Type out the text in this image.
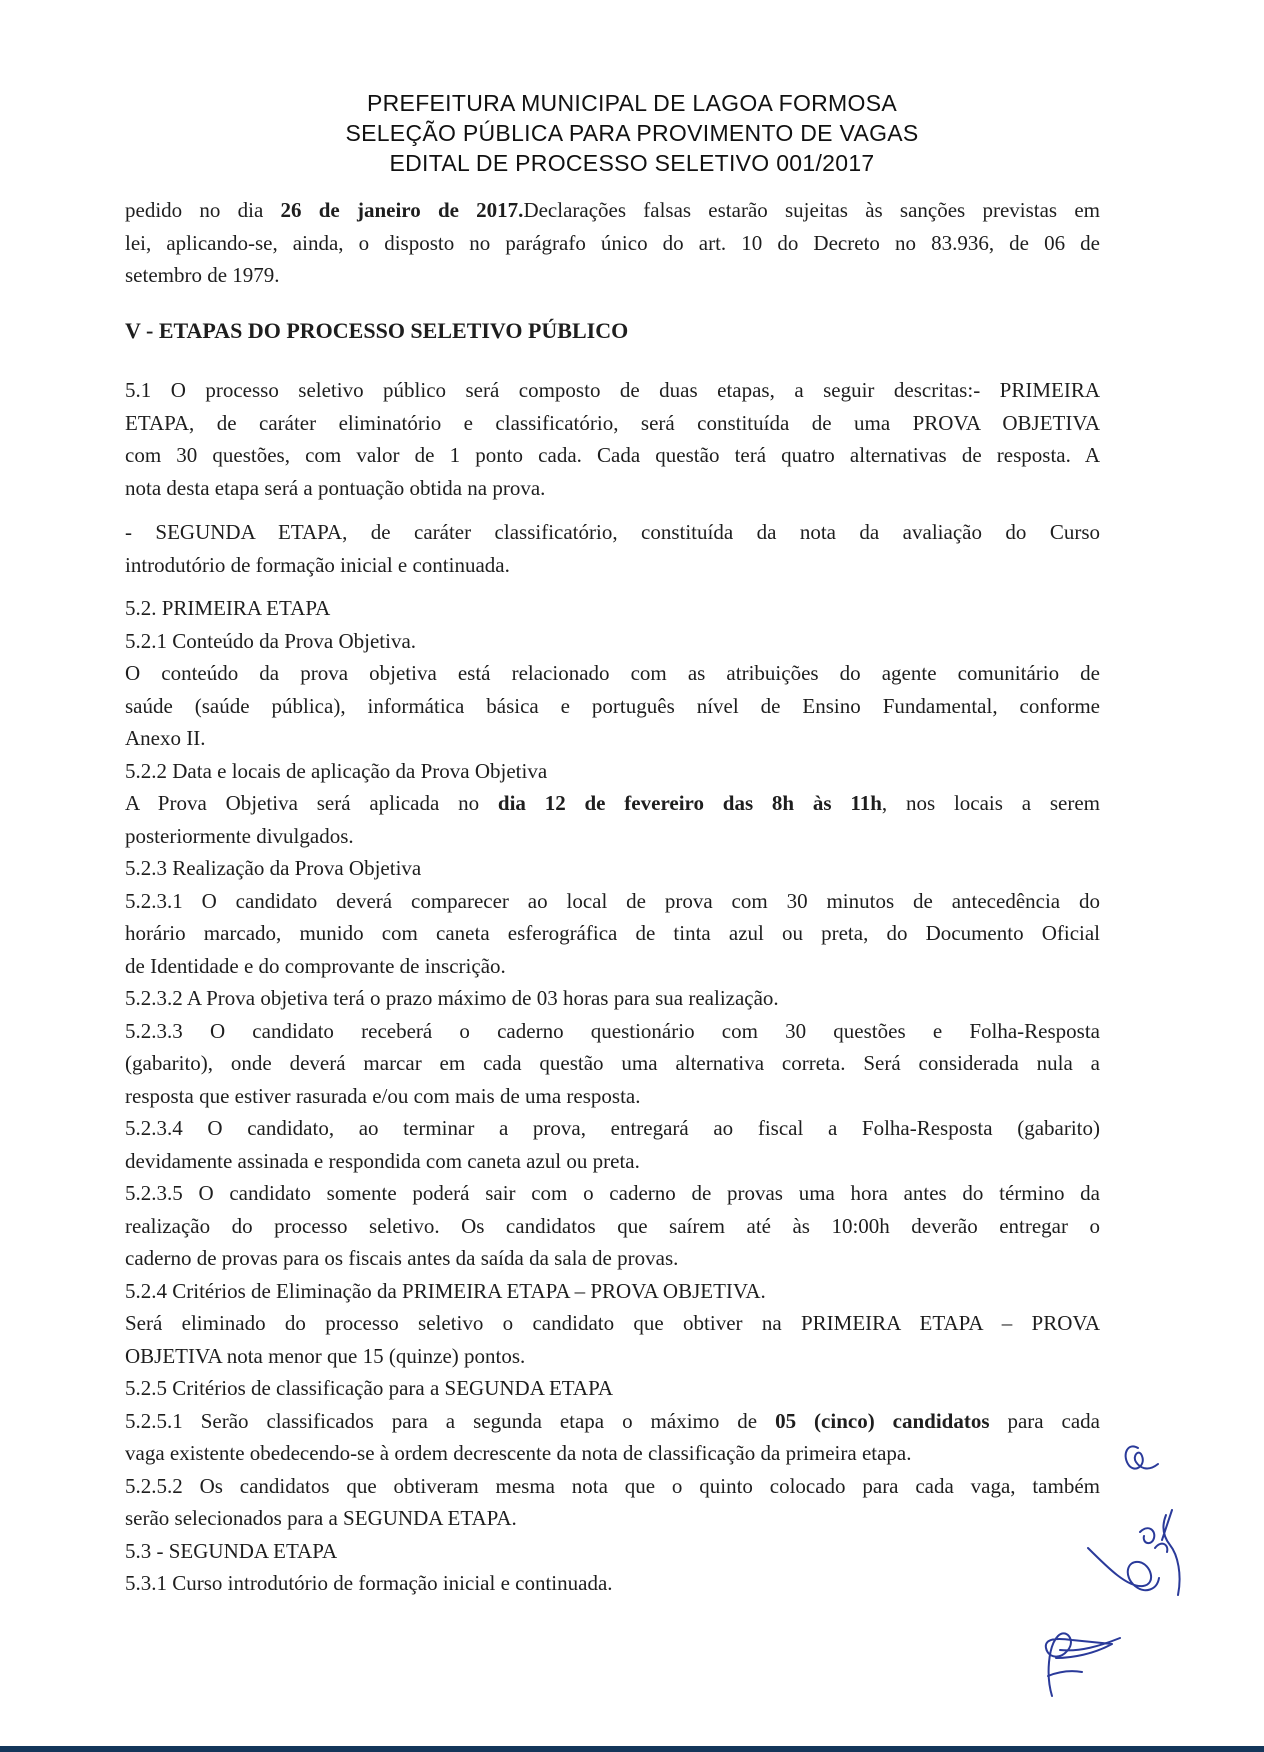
PREFEITURA MUNICIPAL DE LAGOA FORMOSA
SELEÇÃO PÚBLICA PARA PROVIMENTO DE VAGAS
EDITAL DE PROCESSO SELETIVO 001/2017
pedido no dia 26 de janeiro de 2017.Declarações falsas estarão sujeitas às sanções previstas em
lei, aplicando-se, ainda, o disposto no parágrafo único do art. 10 do Decreto no 83.936, de 06 de
setembro de 1979.
V - ETAPAS DO PROCESSO SELETIVO PÚBLICO
5.1 O processo seletivo público será composto de duas etapas, a seguir descritas:- PRIMEIRA
ETAPA, de caráter eliminatório e classificatório, será constituída de uma PROVA OBJETIVA
com 30 questões, com valor de 1 ponto cada. Cada questão terá quatro alternativas de resposta. A
nota desta etapa será a pontuação obtida na prova.
- SEGUNDA ETAPA, de caráter classificatório, constituída da nota da avaliação do Curso
introdutório de formação inicial e continuada.
5.2. PRIMEIRA ETAPA
5.2.1 Conteúdo da Prova Objetiva.
O conteúdo da prova objetiva está relacionado com as atribuições do agente comunitário de
saúde (saúde pública), informática básica e português nível de Ensino Fundamental, conforme
Anexo II.
5.2.2 Data e locais de aplicação da Prova Objetiva
A Prova Objetiva será aplicada no dia 12 de fevereiro das 8h às 11h, nos locais a serem
posteriormente divulgados.
5.2.3 Realização da Prova Objetiva
5.2.3.1 O candidato deverá comparecer ao local de prova com 30 minutos de antecedência do
horário marcado, munido com caneta esferográfica de tinta azul ou preta, do Documento Oficial
de Identidade e do comprovante de inscrição.
5.2.3.2 A Prova objetiva terá o prazo máximo de 03 horas para sua realização.
5.2.3.3 O candidato receberá o caderno questionário com 30 questões e Folha-Resposta
(gabarito), onde deverá marcar em cada questão uma alternativa correta. Será considerada nula a
resposta que estiver rasurada e/ou com mais de uma resposta.
5.2.3.4 O candidato, ao terminar a prova, entregará ao fiscal a Folha-Resposta (gabarito)
devidamente assinada e respondida com caneta azul ou preta.
5.2.3.5 O candidato somente poderá sair com o caderno de provas uma hora antes do término da
realização do processo seletivo. Os candidatos que saírem até às 10:00h deverão entregar o
caderno de provas para os fiscais antes da saída da sala de provas.
5.2.4 Critérios de Eliminação da PRIMEIRA ETAPA – PROVA OBJETIVA.
Será eliminado do processo seletivo o candidato que obtiver na PRIMEIRA ETAPA – PROVA
OBJETIVA nota menor que 15 (quinze) pontos.
5.2.5 Critérios de classificação para a SEGUNDA ETAPA
5.2.5.1 Serão classificados para a segunda etapa o máximo de 05 (cinco) candidatos para cada
vaga existente obedecendo-se à ordem decrescente da nota de classificação da primeira etapa.
5.2.5.2 Os candidatos que obtiveram mesma nota que o quinto colocado para cada vaga, também
serão selecionados para a SEGUNDA ETAPA.
5.3 - SEGUNDA ETAPA
5.3.1 Curso introdutório de formação inicial e continuada.
